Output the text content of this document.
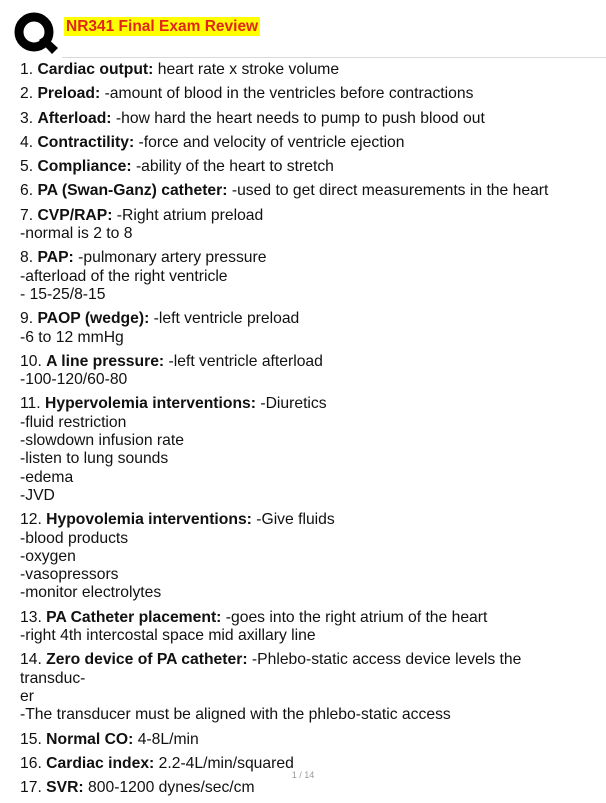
NR341 Final Exam Review
1. Cardiac output: heart rate x stroke volume
2. Preload: -amount of blood in the ventricles before contractions
3. Afterload: -how hard the heart needs to pump to push blood out
4. Contractility: -force and velocity of ventricle ejection
5. Compliance: -ability of the heart to stretch
6. PA (Swan-Ganz) catheter: -used to get direct measurements in the heart
7. CVP/RAP: -Right atrium preload
-normal is 2 to 8
8. PAP: -pulmonary artery pressure
-afterload of the right ventricle
- 15-25/8-15
9. PAOP (wedge): -left ventricle preload
-6 to 12 mmHg
10. A line pressure: -left ventricle afterload
-100-120/60-80
11. Hypervolemia interventions: -Diuretics
-fluid restriction
-slowdown infusion rate
-listen to lung sounds
-edema
-JVD
12. Hypovolemia interventions: -Give fluids
-blood products
-oxygen
-vasopressors
-monitor electrolytes
13. PA Catheter placement: -goes into the right atrium of the heart
-right 4th intercostal space mid axillary line
14. Zero device of PA catheter: -Phlebo-static access device levels the transduc-
er
-The transducer must be aligned with the phlebo-static access
15. Normal CO: 4-8L/min
16. Cardiac index: 2.2-4L/min/squared
17. SVR: 800-1200 dynes/sec/cm
1 / 14
